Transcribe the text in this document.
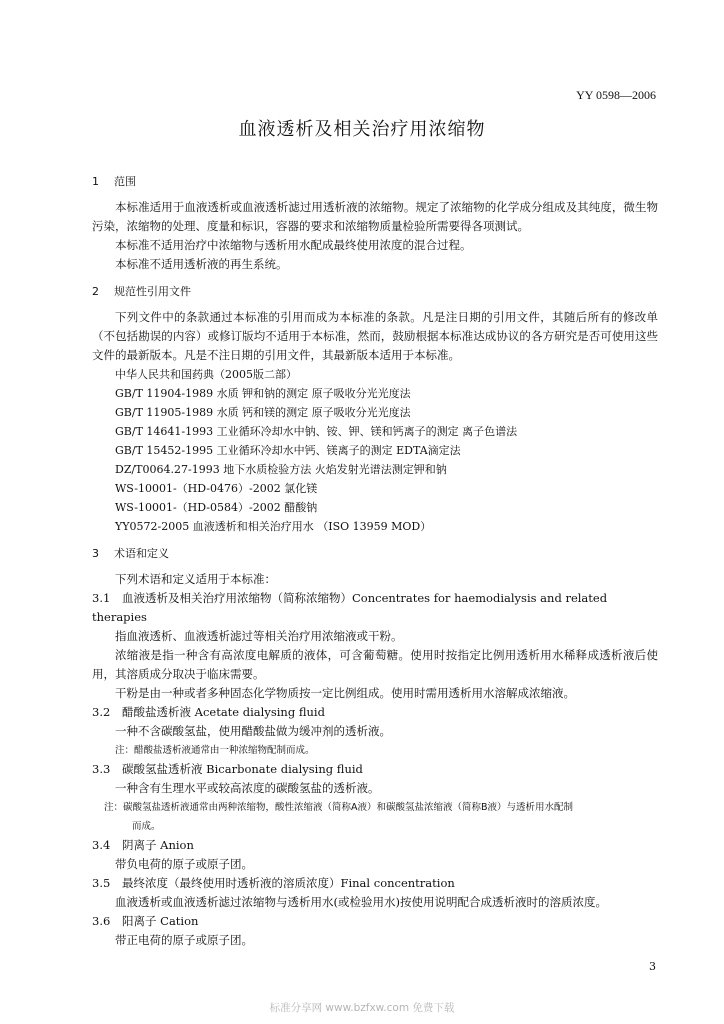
YY 0598—2006
血液透析及相关治疗用浓缩物
1 范围
本标准适用于血液透析或血液透析滤过用透析液的浓缩物。规定了浓缩物的化学成分组成及其纯度，微生物污染，浓缩物的处理、度量和标识，容器的要求和浓缩物质量检验所需要得各项测试。
本标准不适用治疗中浓缩物与透析用水配成最终使用浓度的混合过程。
本标准不适用透析液的再生系统。
2 规范性引用文件
下列文件中的条款通过本标准的引用而成为本标准的条款。凡是注日期的引用文件，其随后所有的修改单（不包括勘误的内容）或修订版均不适用于本标准，然而，鼓励根据本标准达成协议的各方研究是否可使用这些文件的最新版本。凡是不注日期的引用文件，其最新版本适用于本标准。
中华人民共和国药典（2005版二部）
GB/T 11904-1989 水质 钾和钠的测定 原子吸收分光光度法
GB/T 11905-1989 水质 钙和镁的测定 原子吸收分光光度法
GB/T 14641-1993 工业循环冷却水中钠、铵、钾、镁和钙离子的测定 离子色谱法
GB/T 15452-1995 工业循环冷却水中钙、镁离子的测定 EDTA滴定法
DZ/T0064.27-1993 地下水质检验方法 火焰发射光谱法测定钾和钠
WS-10001-（HD-0476）-2002 氯化镁
WS-10001-（HD-0584）-2002 醋酸钠
YY0572-2005 血液透析和相关治疗用水 （ISO 13959 MOD）
3 术语和定义
下列术语和定义适用于本标准：
3.1 血液透析及相关治疗用浓缩物（简称浓缩物）Concentrates for haemodialysis and related therapies
指血液透析、血液透析滤过等相关治疗用浓缩液或干粉。
浓缩液是指一种含有高浓度电解质的液体，可含葡萄糖。使用时按指定比例用透析用水稀释成透析液后使用，其溶质成分取决于临床需要。
干粉是由一种或者多种固态化学物质按一定比例组成。使用时需用透析用水溶解成浓缩液。
3.2 醋酸盐透析液 Acetate dialysing fluid
一种不含碳酸氢盐，使用醋酸盐做为缓冲剂的透析液。
注：醋酸盐透析液通常由一种浓缩物配制而成。
3.3 碳酸氢盐透析液 Bicarbonate dialysing fluid
一种含有生理水平或较高浓度的碳酸氢盐的透析液。
注：碳酸氢盐透析液通常由两种浓缩物，酸性浓缩液（简称A液）和碳酸氢盐浓缩液（简称B液）与透析用水配制
而成。
3.4 阴离子 Anion
带负电荷的原子或原子团。
3.5 最终浓度（最终使用时透析液的溶质浓度）Final concentration
血液透析或血液透析滤过浓缩物与透析用水(或检验用水)按使用说明配合成透析液时的溶质浓度。
3.6 阳离子 Cation
带正电荷的原子或原子团。
3
标准分享网 www.bzfxw.com 免费下载
